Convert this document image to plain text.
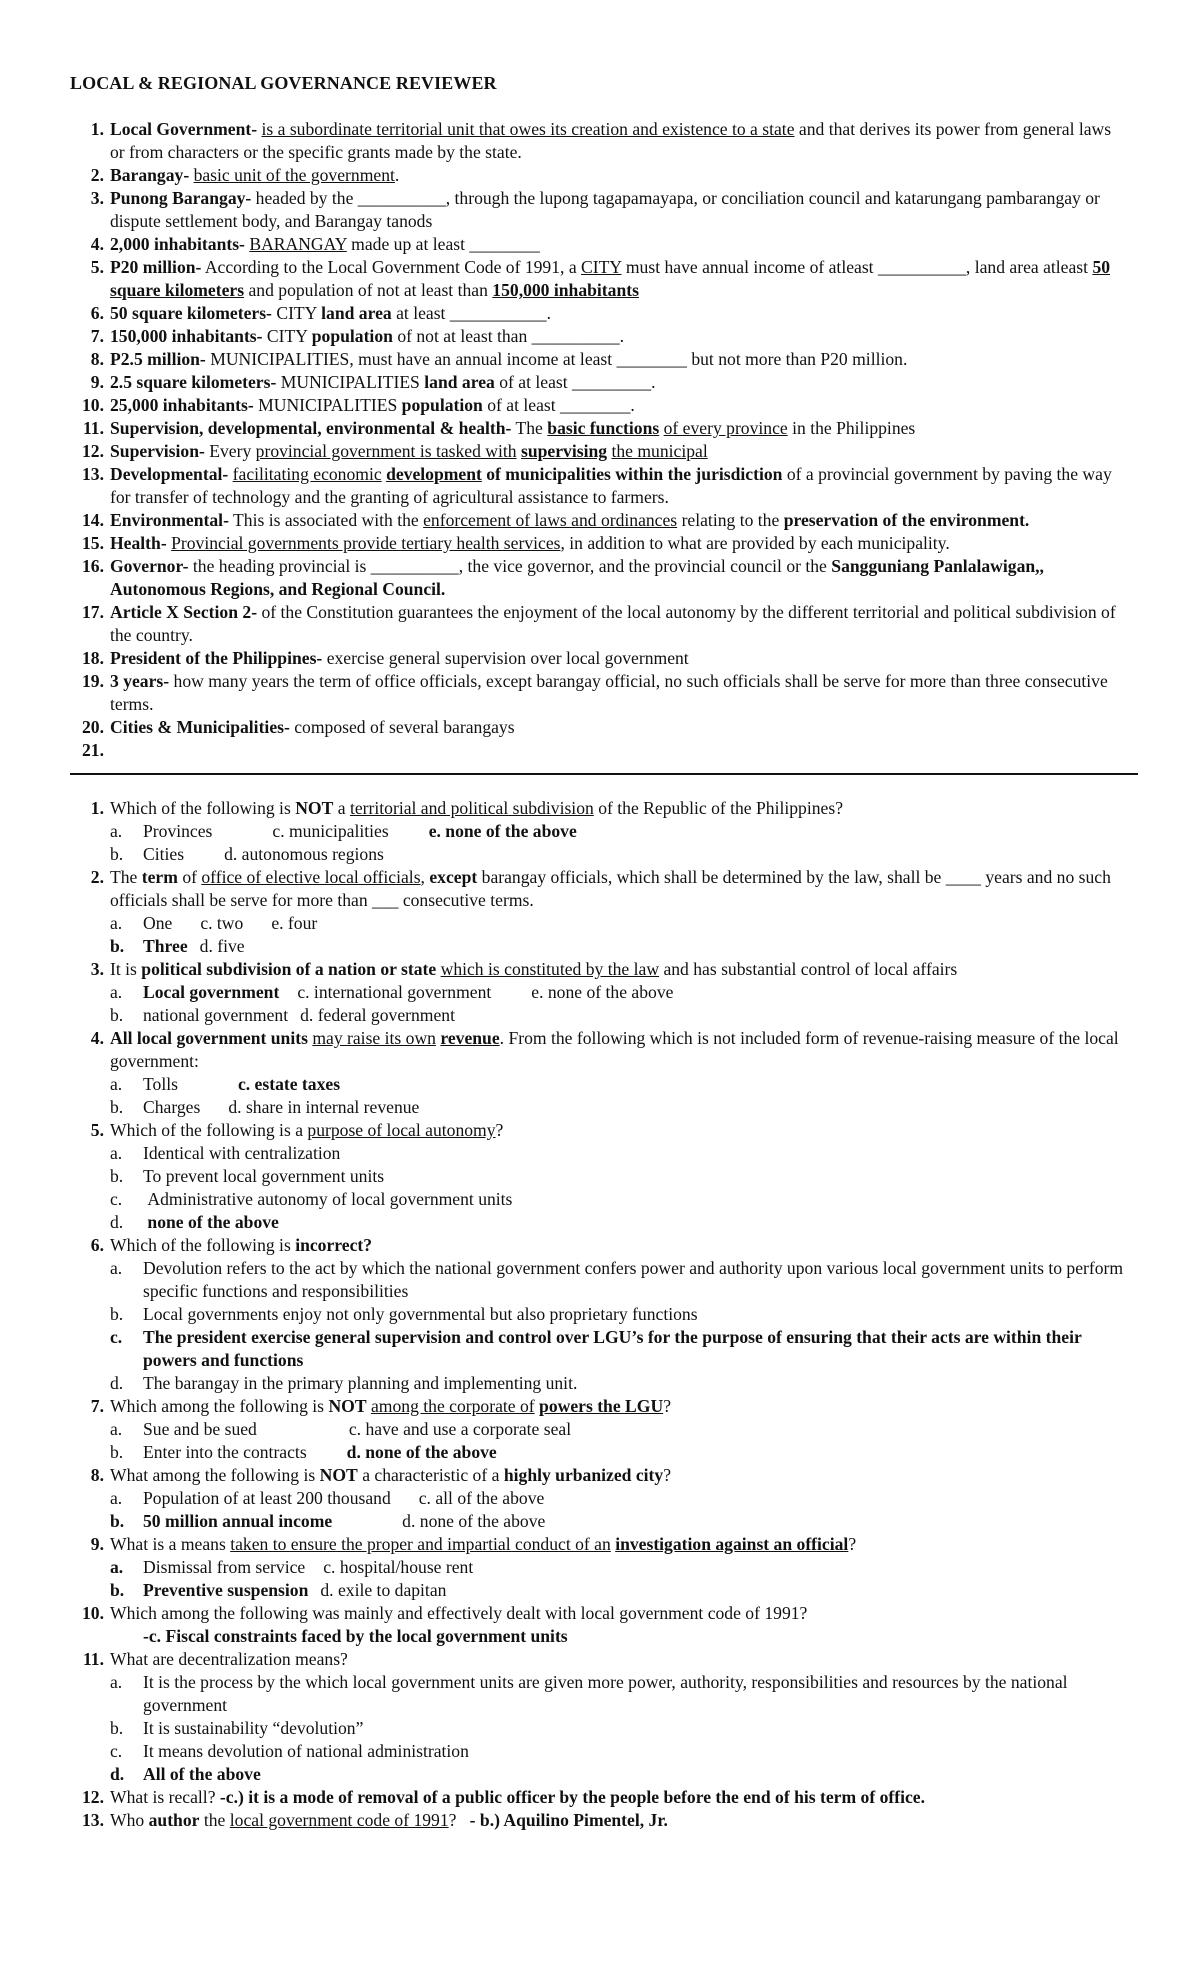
LOCAL & REGIONAL GOVERNANCE REVIEWER
1. Local Government- is a subordinate territorial unit that owes its creation and existence to a state and that derives its power from general laws or from characters or the specific grants made by the state.
2. Barangay- basic unit of the government.
3. Punong Barangay- headed by the __________, through the lupong tagapamayapa, or conciliation council and katarungang pambarangay or dispute settlement body, and Barangay tanods
4. 2,000 inhabitants- BARANGAY made up at least ________
5. P20 million- According to the Local Government Code of 1991, a CITY must have annual income of atleast __________, land area atleast 50 square kilometers and population of not at least than 150,000 inhabitants
6. 50 square kilometers- CITY land area at least ___________.
7. 150,000 inhabitants- CITY population of not at least than __________.
8. P2.5 million- MUNICIPALITIES, must have an annual income at least ________ but not more than P20 million.
9. 2.5 square kilometers- MUNICIPALITIES land area of at least _________.
10. 25,000 inhabitants- MUNICIPALITIES population of at least ________.
11. Supervision, developmental, environmental & health- The basic functions of every province in the Philippines
12. Supervision- Every provincial government is tasked with supervising the municipal
13. Developmental- facilitating economic development of municipalities within the jurisdiction of a provincial government by paving the way for transfer of technology and the granting of agricultural assistance to farmers.
14. Environmental- This is associated with the enforcement of laws and ordinances relating to the preservation of the environment.
15. Health- Provincial governments provide tertiary health services, in addition to what are provided by each municipality.
16. Governor- the heading provincial is __________, the vice governor, and the provincial council or the Sangguniang Panlalawigan,, Autonomous Regions, and Regional Council.
17. Article X Section 2- of the Constitution guarantees the enjoyment of the local autonomy by the different territorial and political subdivision of the country.
18. President of the Philippines- exercise general supervision over local government
19. 3 years- how many years the term of office officials, except barangay official, no such officials shall be serve for more than three consecutive terms.
20. Cities & Municipalities- composed of several barangays
21.

1. Which of the following is NOT a territorial and political subdivision of the Republic of the Philippines?
a. Provinces	c. municipalities e. none of the above
b. Cities d. autonomous regions
2. The term of office of elective local officials, except barangay officials, which shall be determined by the law, shall be ____ years and no such officials shall be serve for more than ___ consecutive terms.
a. One c. two e. four
b. Three d. five
3. It is political subdivision of a nation or state which is constituted by the law and has substantial control of local affairs
a. Local government c. international government e. none of the above
b. national government d. federal government
4. All local government units may raise its own revenue. From the following which is not included form of revenue-raising measure of the local government:
a. Tolls	c. estate taxes
b. Charges d. share in internal revenue
5. Which of the following is a purpose of local autonomy?
a. Identical with centralization
b. To prevent local government units
c. Administrative autonomy of local government units
d. none of the above
6. Which of the following is incorrect?
a. Devolution refers to the act by which the national government confers power and authority upon various local government units to perform specific functions and responsibilities
b. Local governments enjoy not only governmental but also proprietary functions
c. The president exercise general supervision and control over LGU’s for the purpose of ensuring that their acts are within their powers and functions
d. The barangay in the primary planning and implementing unit.
7. Which among the following is NOT among the corporate of powers the LGU?
a. Sue and be sued	c. have and use a corporate seal
b. Enter into the contracts d. none of the above
8. What among the following is NOT a characteristic of a highly urbanized city?
a. Population of at least 200 thousand c. all of the above
b. 50 million annual income	d. none of the above
9. What is a means taken to ensure the proper and impartial conduct of an investigation against an official?
a. Dismissal from service c. hospital/house rent
b. Preventive suspension d. exile to dapitan
10. Which among the following was mainly and effectively dealt with local government code of 1991?
-c. Fiscal constraints faced by the local government units
11. What are decentralization means?
a. It is the process by the which local government units are given more power, authority, responsibilities and resources by the national government
b. It is sustainability “devolution”
c. It means devolution of national administration
d. All of the above
12. What is recall? -c.) it is a mode of removal of a public officer by the people before the end of his term of office.
13. Who author the local government code of 1991? - b.) Aquilino Pimentel, Jr.
